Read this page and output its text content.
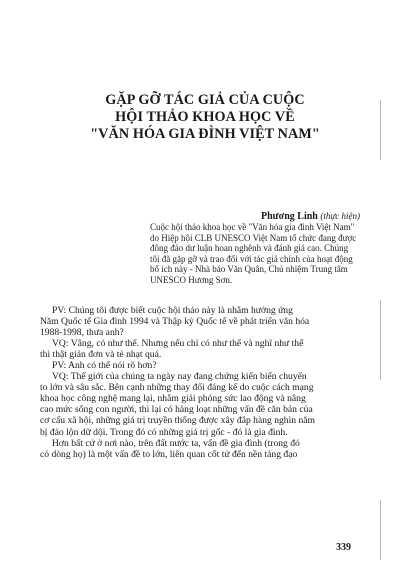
GẶP GỠ TÁC GIẢ CỦA CUỘC
HỘI THẢO KHOA HỌC VỀ
"VĂN HÓA GIA ĐÌNH VIỆT NAM"
Phương Linh (thực hiện)
Cuộc hội thảo khoa học về "Văn hóa gia đình Việt Nam"
do Hiệp hội CLB UNESCO Việt Nam tổ chức đang được
đông đảo dư luận hoan nghênh và đánh giá cao. Chúng
tôi đã gặp gỡ và trao đổi với tác giả chính của hoạt động
bổ ích này - Nhà báo Văn Quân, Chủ nhiệm Trung tâm
UNESCO Hương Sơn.
PV: Chúng tôi được biết cuộc hội thảo này là nhằm hưởng ứng
Năm Quốc tế Gia đình 1994 và Thập kỷ Quốc tế về phát triển văn hóa
1988-1998, thưa anh?
VQ: Vâng, có như thế. Nhưng nếu chỉ có như thế và nghĩ như thế
thì thật giản đơn và tẻ nhạt quá.
PV: Anh có thể nói rõ hơn?
VQ: Thế giới của chúng ta ngày nay đang chứng kiến biến chuyển
to lớn và sâu sắc. Bên cạnh những thay đổi đáng kể do cuộc cách mạng
khoa học công nghệ mang lại, nhằm giải phóng sức lao động và nâng
cao mức sống con người, thì lại có hàng loạt những vấn đề căn bản của
cơ cấu xã hội, những giá trị truyền thống được xây đắp hàng nghìn năm
bị đảo lộn dữ dội. Trong đó có những giá trị gốc - đó là gia đình.
Hơn bất cứ ở nơi nào, trên đất nước ta, vấn đề gia đình (trong đó
có dòng họ) là một vấn đề to lớn, liên quan cốt tử đến nền tảng đạo
339
